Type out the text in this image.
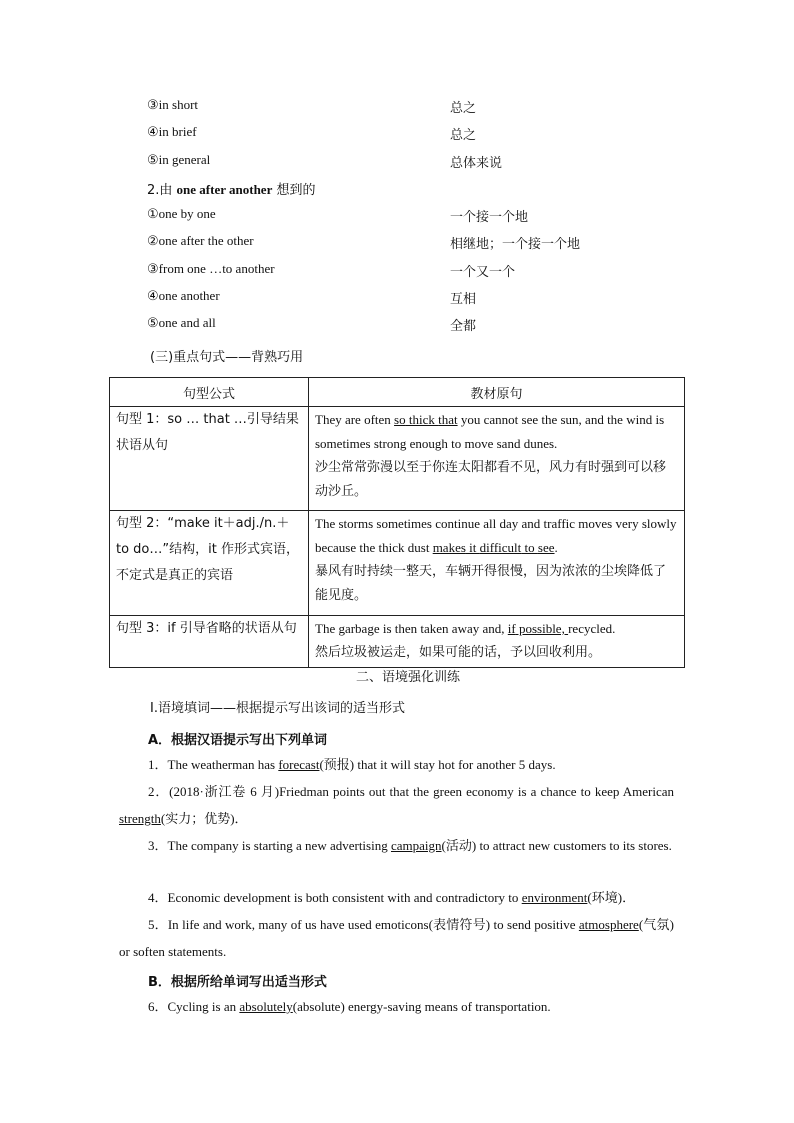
③in short	总之
④in brief	总之
⑤in general	总体来说
2.由 one after another 想到的
①one by one	一个接一个地
②one after the other	相继地；一个接一个地
③from one …to another	一个又一个
④one another	互相
⑤one and all	全都
(三)重点句式——背熟巧用
句型公式	教材原句
句型 1：so … that …引导结果状语从句	They are often so thick that you cannot see the sun, and the wind is sometimes strong enough to move sand dunes.
沙尘常常弥漫以至于你连太阳都看不见，风力有时强到可以移动沙丘。

句型 2：“make it＋adj./n.＋to do…”结构，it 作形式宾语，不定式是真正的宾语	The storms sometimes continue all day and traffic moves very slowly because the thick dust makes it difficult to see.
暴风有时持续一整天，车辆开得很慢，因为浓浓的尘埃降低了能见度。

句型 3：if 引导省略的状语从句	The garbage is then taken away and, if possible, recycled.
然后垃圾被运走，如果可能的话，予以回收利用。
二、语境强化训练
Ⅰ.语境填词——根据提示写出该词的适当形式
A．根据汉语提示写出下列单词
1．The weatherman has forecast(预报) that it will stay hot for another 5 days.
2．(2018·浙江卷 6 月)Friedman points out that the green economy is a chance to keep American strength(实力；优势)．
3．The company is starting a new advertising campaign(活动) to attract new customers to its stores.
4．Economic development is both consistent with and contradictory to environment(环境)．
5．In life and work, many of us have used emoticons(表情符号) to send positive atmosphere(气氛) or soften statements.
B．根据所给单词写出适当形式
6．Cycling is an absolutely(absolute) energy-saving means of transportation.
